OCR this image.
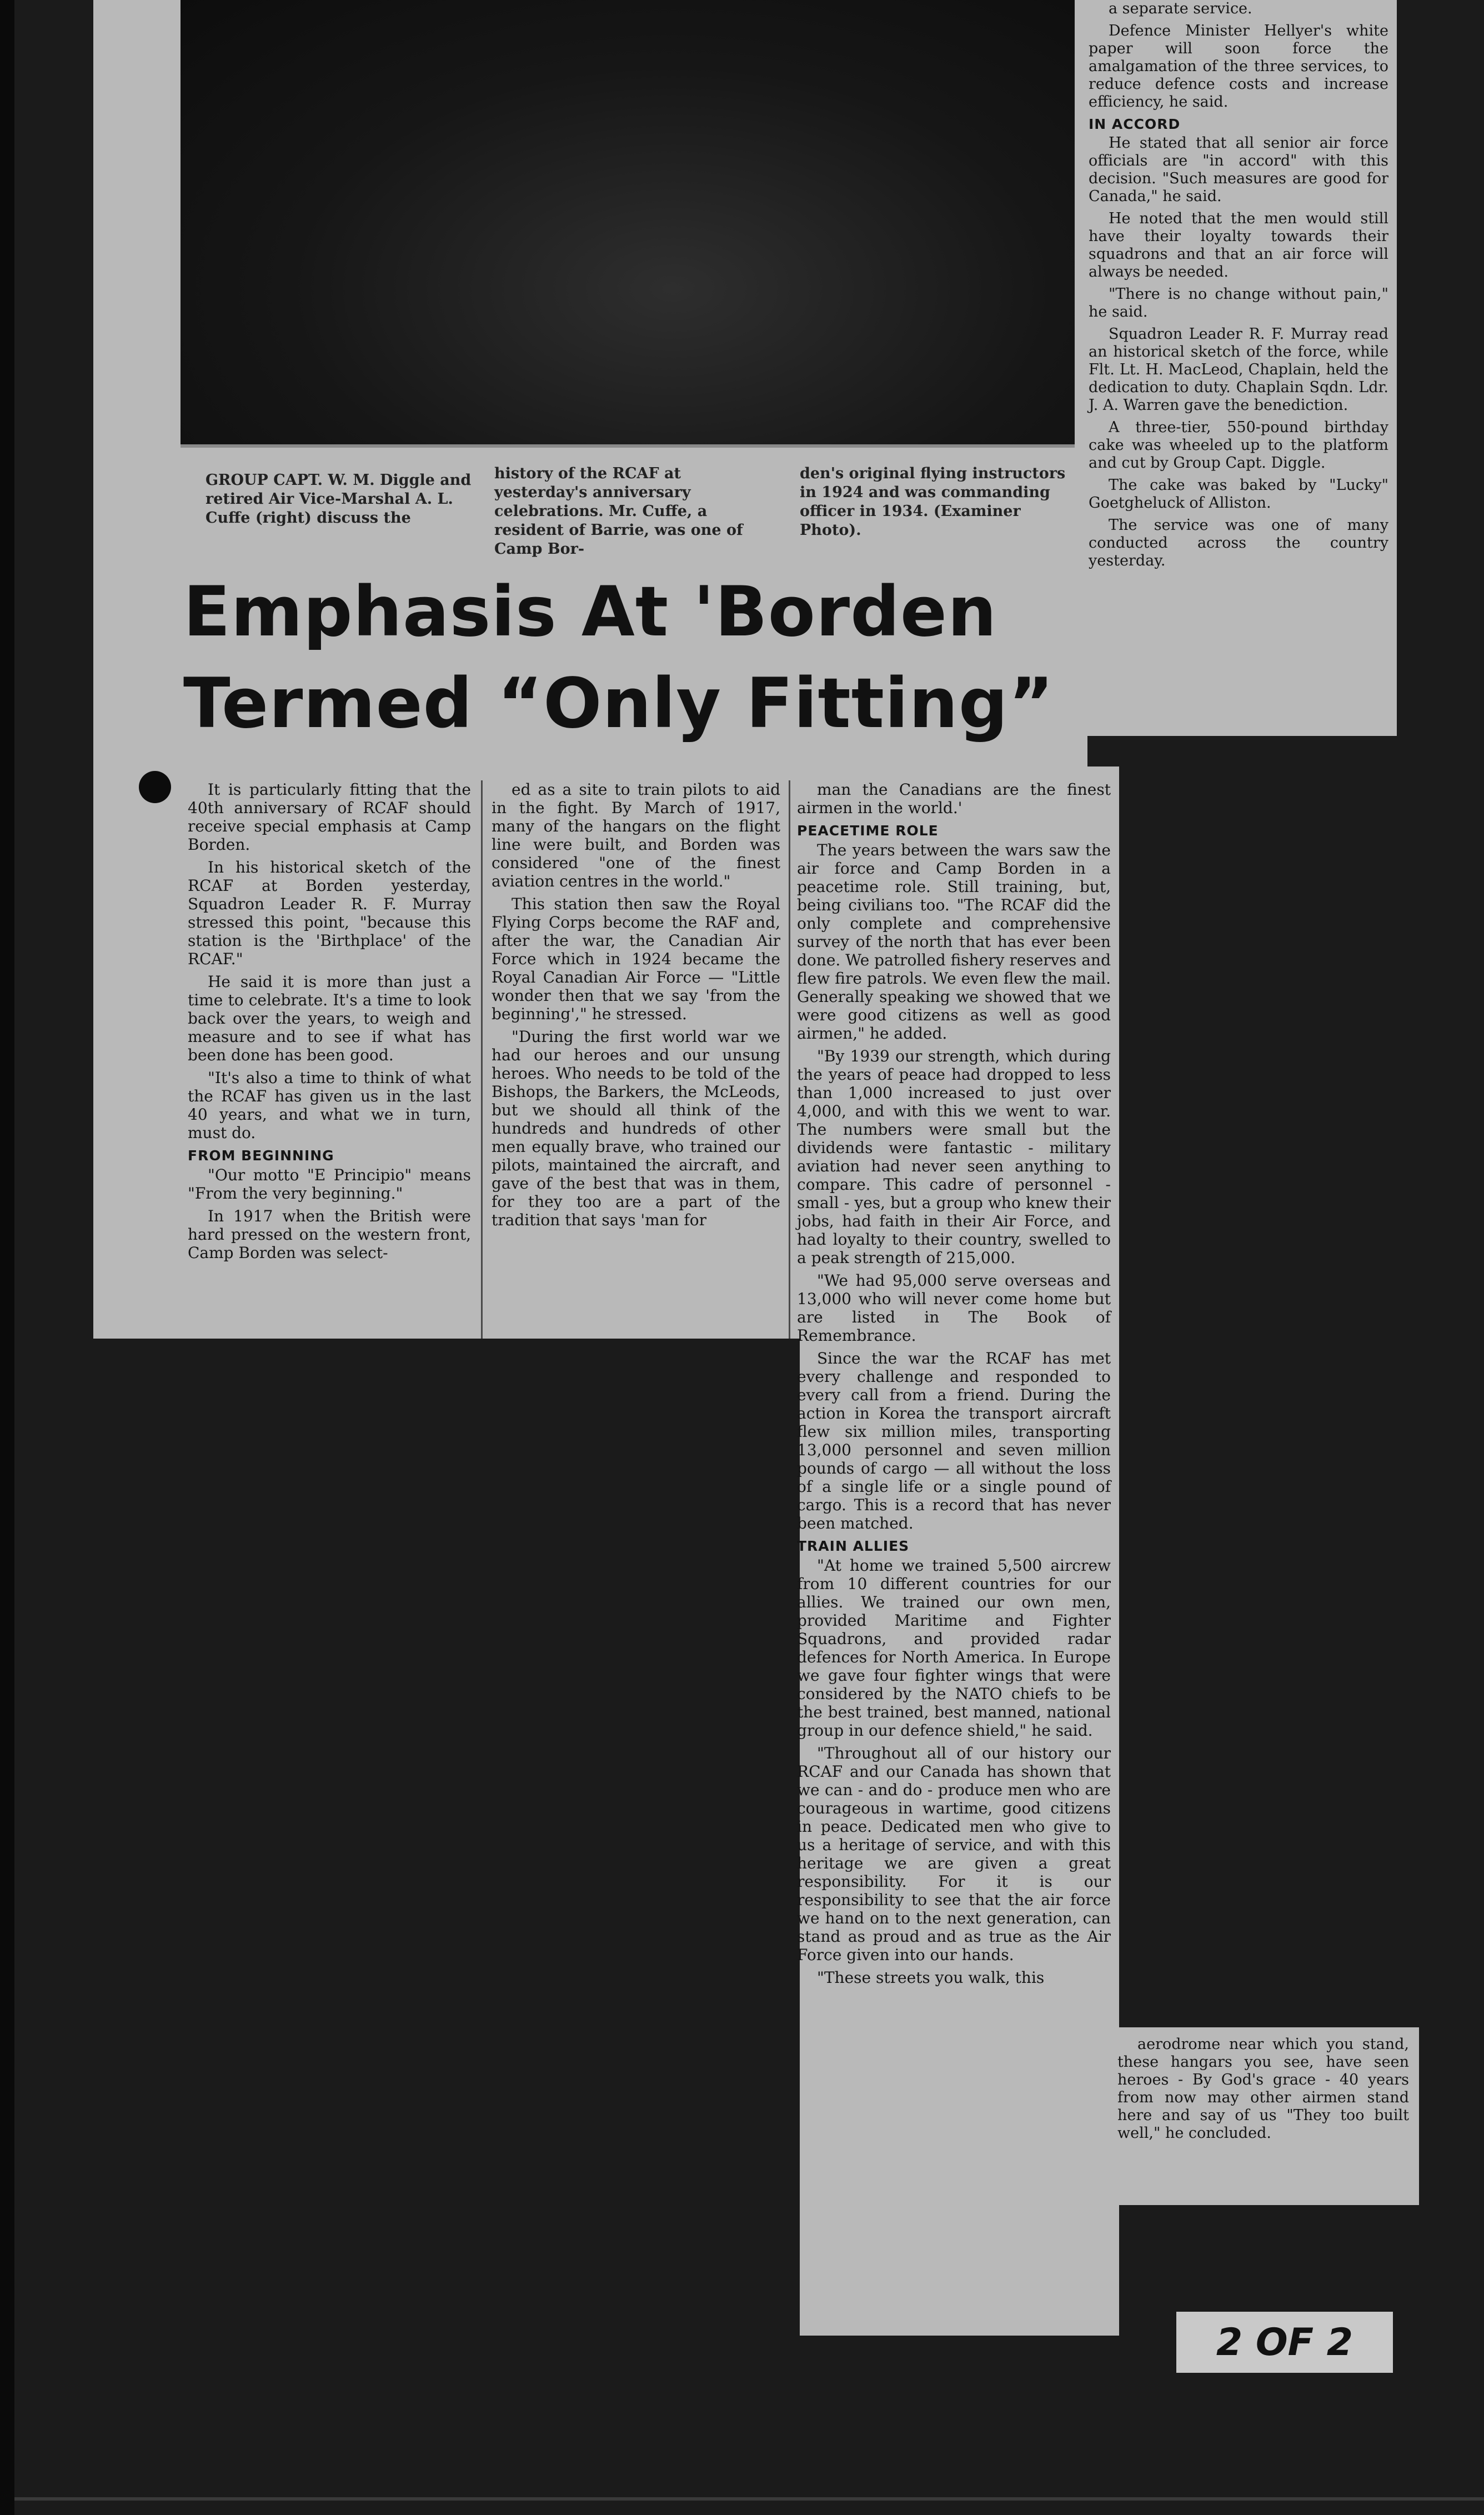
GROUP CAPT. W. M. Diggle and retired Air Vice-Marshal A. L. Cuffe (right) discuss the
history of the RCAF at yesterday's anniversary celebrations. Mr. Cuffe, a resident of Barrie, was one of Camp Bor-
den's original flying instructors in 1924 and was commanding officer in 1934. (Examiner Photo).
Emphasis At 'Borden
Termed “Only Fitting”

It is particularly fitting that the 40th anniversary of RCAF should receive special emphasis at Camp Borden.

In his historical sketch of the RCAF at Borden yesterday, Squadron Leader R. F. Murray stressed this point, "because this station is the 'Birthplace' of the RCAF."

He said it is more than just a time to celebrate. It's a time to look back over the years, to weigh and measure and to see if what has been done has been good.

"It's also a time to think of what the RCAF has given us in the last 40 years, and what we in turn, must do.

FROM BEGINNING

"Our motto "E Principio" means "From the very beginning."

In 1917 when the British were hard pressed on the western front, Camp Borden was select-

ed as a site to train pilots to aid in the fight. By March of 1917, many of the hangars on the flight line were built, and Borden was considered "one of the finest aviation centres in the world."

This station then saw the Royal Flying Corps become the RAF and, after the war, the Canadian Air Force which in 1924 became the Royal Canadian Air Force — "Little wonder then that we say 'from the beginning'," he stressed.

"During the first world war we had our heroes and our unsung heroes. Who needs to be told of the Bishops, the Barkers, the McLeods, but we should all think of the hundreds and hundreds of other men equally brave, who trained our pilots, maintained the aircraft, and gave of the best that was in them, for they too are a part of the tradition that says 'man for

man the Canadians are the finest airmen in the world.'

PEACETIME ROLE

The years between the wars saw the air force and Camp Borden in a peacetime role. Still training, but, being civilians too. "The RCAF did the only complete and comprehensive survey of the north that has ever been done. We patrolled fishery reserves and flew fire patrols. We even flew the mail. Generally speaking we showed that we were good citizens as well as good airmen," he added.

"By 1939 our strength, which during the years of peace had dropped to less than 1,000 increased to just over 4,000, and with this we went to war. The numbers were small but the dividends were fantastic - military aviation had never seen anything to compare. This cadre of personnel - small - yes, but a group who knew their jobs, had faith in their Air Force, and had loyalty to their country, swelled to a peak strength of 215,000.

"We had 95,000 serve overseas and 13,000 who will never come home but are listed in The Book of Remembrance.

Since the war the RCAF has met every challenge and responded to every call from a friend. During the action in Korea the transport aircraft flew six million miles, transporting 13,000 personnel and seven million pounds of cargo — all without the loss of a single life or a single pound of cargo. This is a record that has never been matched.

TRAIN ALLIES

"At home we trained 5,500 aircrew from 10 different countries for our allies. We trained our own men, provided Maritime and Fighter Squadrons, and provided radar defences for North America. In Europe we gave four fighter wings that were considered by the NATO chiefs to be the best trained, best manned, national group in our defence shield," he said.

"Throughout all of our history our RCAF and our Canada has shown that we can - and do - produce men who are courageous in wartime, good citizens in peace. Dedicated men who give to us a heritage of service, and with this heritage we are given a great responsibility. For it is our responsibility to see that the air force we hand on to the next generation, can stand as proud and as true as the Air Force given into our hands.

"These streets you walk, this

a separate service.

Defence Minister Hellyer's white paper will soon force the amalgamation of the three services, to reduce defence costs and increase efficiency, he said.

IN ACCORD

He stated that all senior air force officials are "in accord" with this decision. "Such measures are good for Canada," he said.

He noted that the men would still have their loyalty towards their squadrons and that an air force will always be needed.

"There is no change without pain," he said.

Squadron Leader R. F. Murray read an historical sketch of the force, while Flt. Lt. H. MacLeod, Chaplain, held the dedication to duty. Chaplain Sqdn. Ldr. J. A. Warren gave the benediction.

A three-tier, 550-pound birthday cake was wheeled up to the platform and cut by Group Capt. Diggle.

The cake was baked by "Lucky" Goetgheluck of Alliston.

The service was one of many conducted across the country yesterday.

aerodrome near which you stand, these hangars you see, have seen heroes - By God's grace - 40 years from now may other airmen stand here and say of us "They too built well," he concluded.

2 OF 2
